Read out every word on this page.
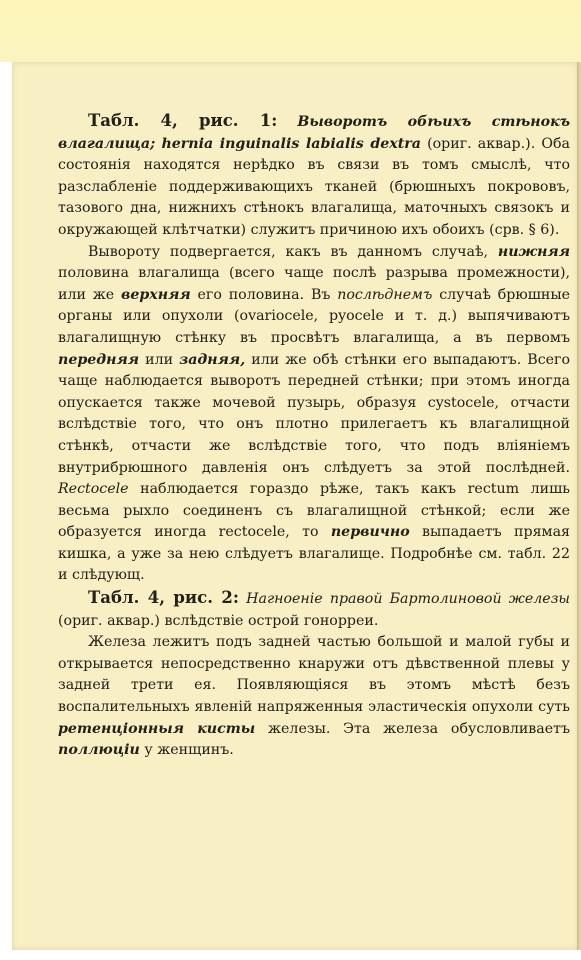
Табл. 4, рис. 1: Выворотъ обѣихъ стѣнокъ влагалища; hernia inguinalis labialis dextra (ориг. аквар.). Оба состоянія находятся нерѣдко въ связи въ томъ смыслѣ, что разслабленіе поддерживающихъ тканей (брюшныхъ покрововъ, тазового дна, нижнихъ стѣнокъ влагалища, маточныхъ связокъ и окружающей клѣтчатки) служитъ причиною ихъ обоихъ (срв. § 6).

Вывороту подвергается, какъ въ данномъ случаѣ, нижняя половина влагалища (всего чаще послѣ разрыва промежности), или же верхняя его половина. Въ послѣднемъ случаѣ брюшные органы или опухоли (ovariocele, pyocele и т. д.) выпячиваютъ влагалищную стѣнку въ просвѣтъ влагалища, а въ первомъ передняя или задняя, или же обѣ стѣнки его выпадаютъ. Всего чаще наблюдается выворотъ передней стѣнки; при этомъ иногда опускается также мочевой пузырь, образуя cystocele, отчасти вслѣдствіе того, что онъ плотно прилегаетъ къ влагалищной стѣнкѣ, отчасти же вслѣдствіе того, что подъ вліяніемъ внутрибрюшного давленія онъ слѣдуетъ за этой послѣдней. Rectocele наблюдается гораздо рѣже, такъ какъ rectum лишь весьма рыхло соединенъ съ влагалищной стѣнкой; если же образуется иногда rectocele, то первично выпадаетъ прямая кишка, а уже за нею слѣдуетъ влагалище. Подробнѣе см. табл. 22 и слѣдующ.

Табл. 4, рис. 2: Нагноеніе правой Бартолиновой железы (ориг. аквар.) вслѣдствіе острой гонорреи.

Железа лежитъ подъ задней частью большой и малой губы и открывается непосредственно кнаружи отъ дѣвственной плевы у задней трети ея. Появляющіяся въ этомъ мѣстѣ безъ воспалительныхъ явленій напряженныя эластическія опухоли суть ретенціонныя кисты железы. Эта железа обусловливаетъ поллюціи у женщинъ.
